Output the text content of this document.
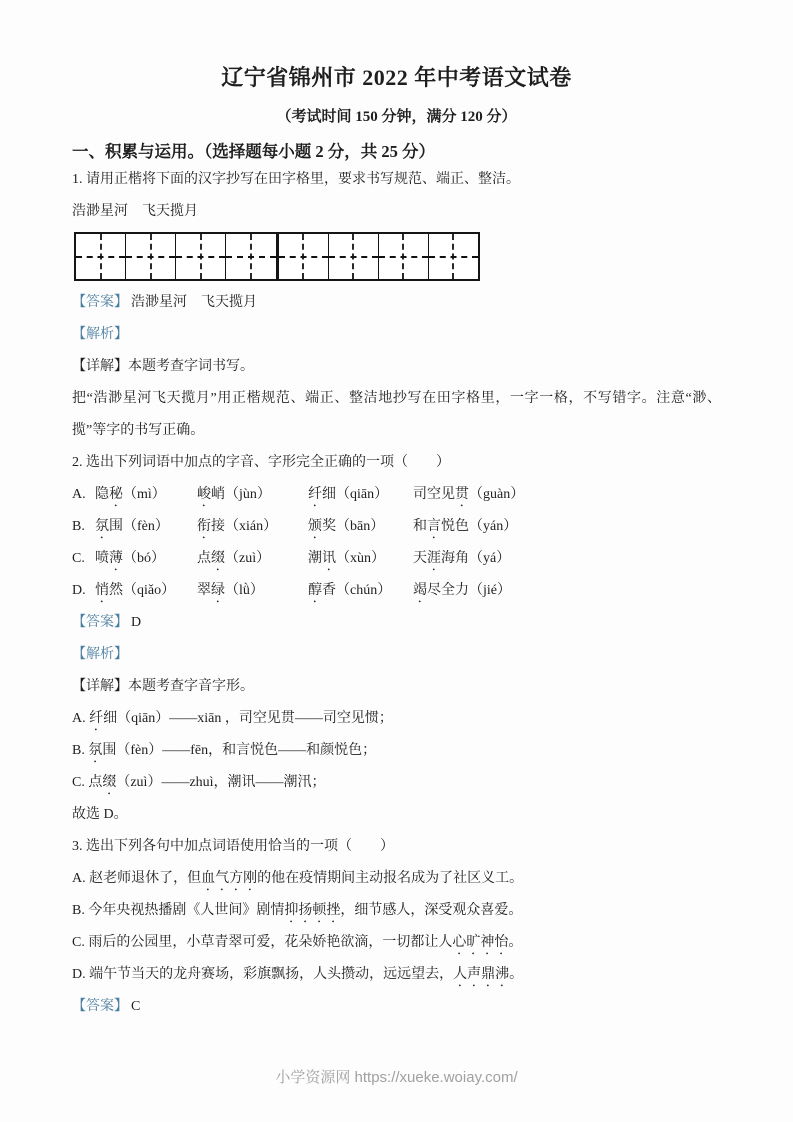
辽宁省锦州市 2022 年中考语文试卷
（考试时间 150 分钟，满分 120 分）
一、积累与运用。（选择题每小题 2 分，共 25 分）

1. 请用正楷将下面的汉字抄写在田字格里，要求书写规范、端正、整洁。

浩渺星河　飞天揽月

【答案】 浩渺星河　飞天揽月

【解析】

【详解】本题考查字词书写。

把“浩渺星河飞天揽月”用正楷规范、端正、整洁地抄写在田字格里，一字一格，不写错字。注意“渺、揽”等字的书写正确。

2. 选出下列词语中加点的字音、字形完全正确的一项（　　）

A. 隐秘（mì）	峻峭（jùn）	纤细（qiān）	司空见贯（guàn）
B. 氛围（fèn）	衔接（xián）	颁奖（bān）	和言悦色（yán）
C. 喷薄（bó）	点缀（zuì）	潮讯（xùn）	天涯海角（yá）
D. 悄然（qiǎo）	翠绿（lǜ）	醇香（chún）	竭尽全力（jié）

【答案】 D

【解析】

【详解】本题考查字音字形。

A. 纤细（qiān）——xiān ，司空见贯——司空见惯；

B. 氛围（fèn）——fēn，和言悦色——和颜悦色；

C. 点缀（zuì）——zhuì，潮讯——潮汛；

故选 D。

3. 选出下列各句中加点词语使用恰当的一项（　　）

A. 赵老师退休了，但血气方刚的他在疫情期间主动报名成为了社区义工。

B. 今年央视热播剧《人世间》剧情抑扬顿挫，细节感人，深受观众喜爱。

C. 雨后的公园里，小草青翠可爱，花朵娇艳欲滴，一切都让人心旷神怡。

D. 端午节当天的龙舟赛场，彩旗飘扬，人头攒动，远远望去，人声鼎沸。

【答案】 C

小学资源网 https://xueke.woiay.com/
